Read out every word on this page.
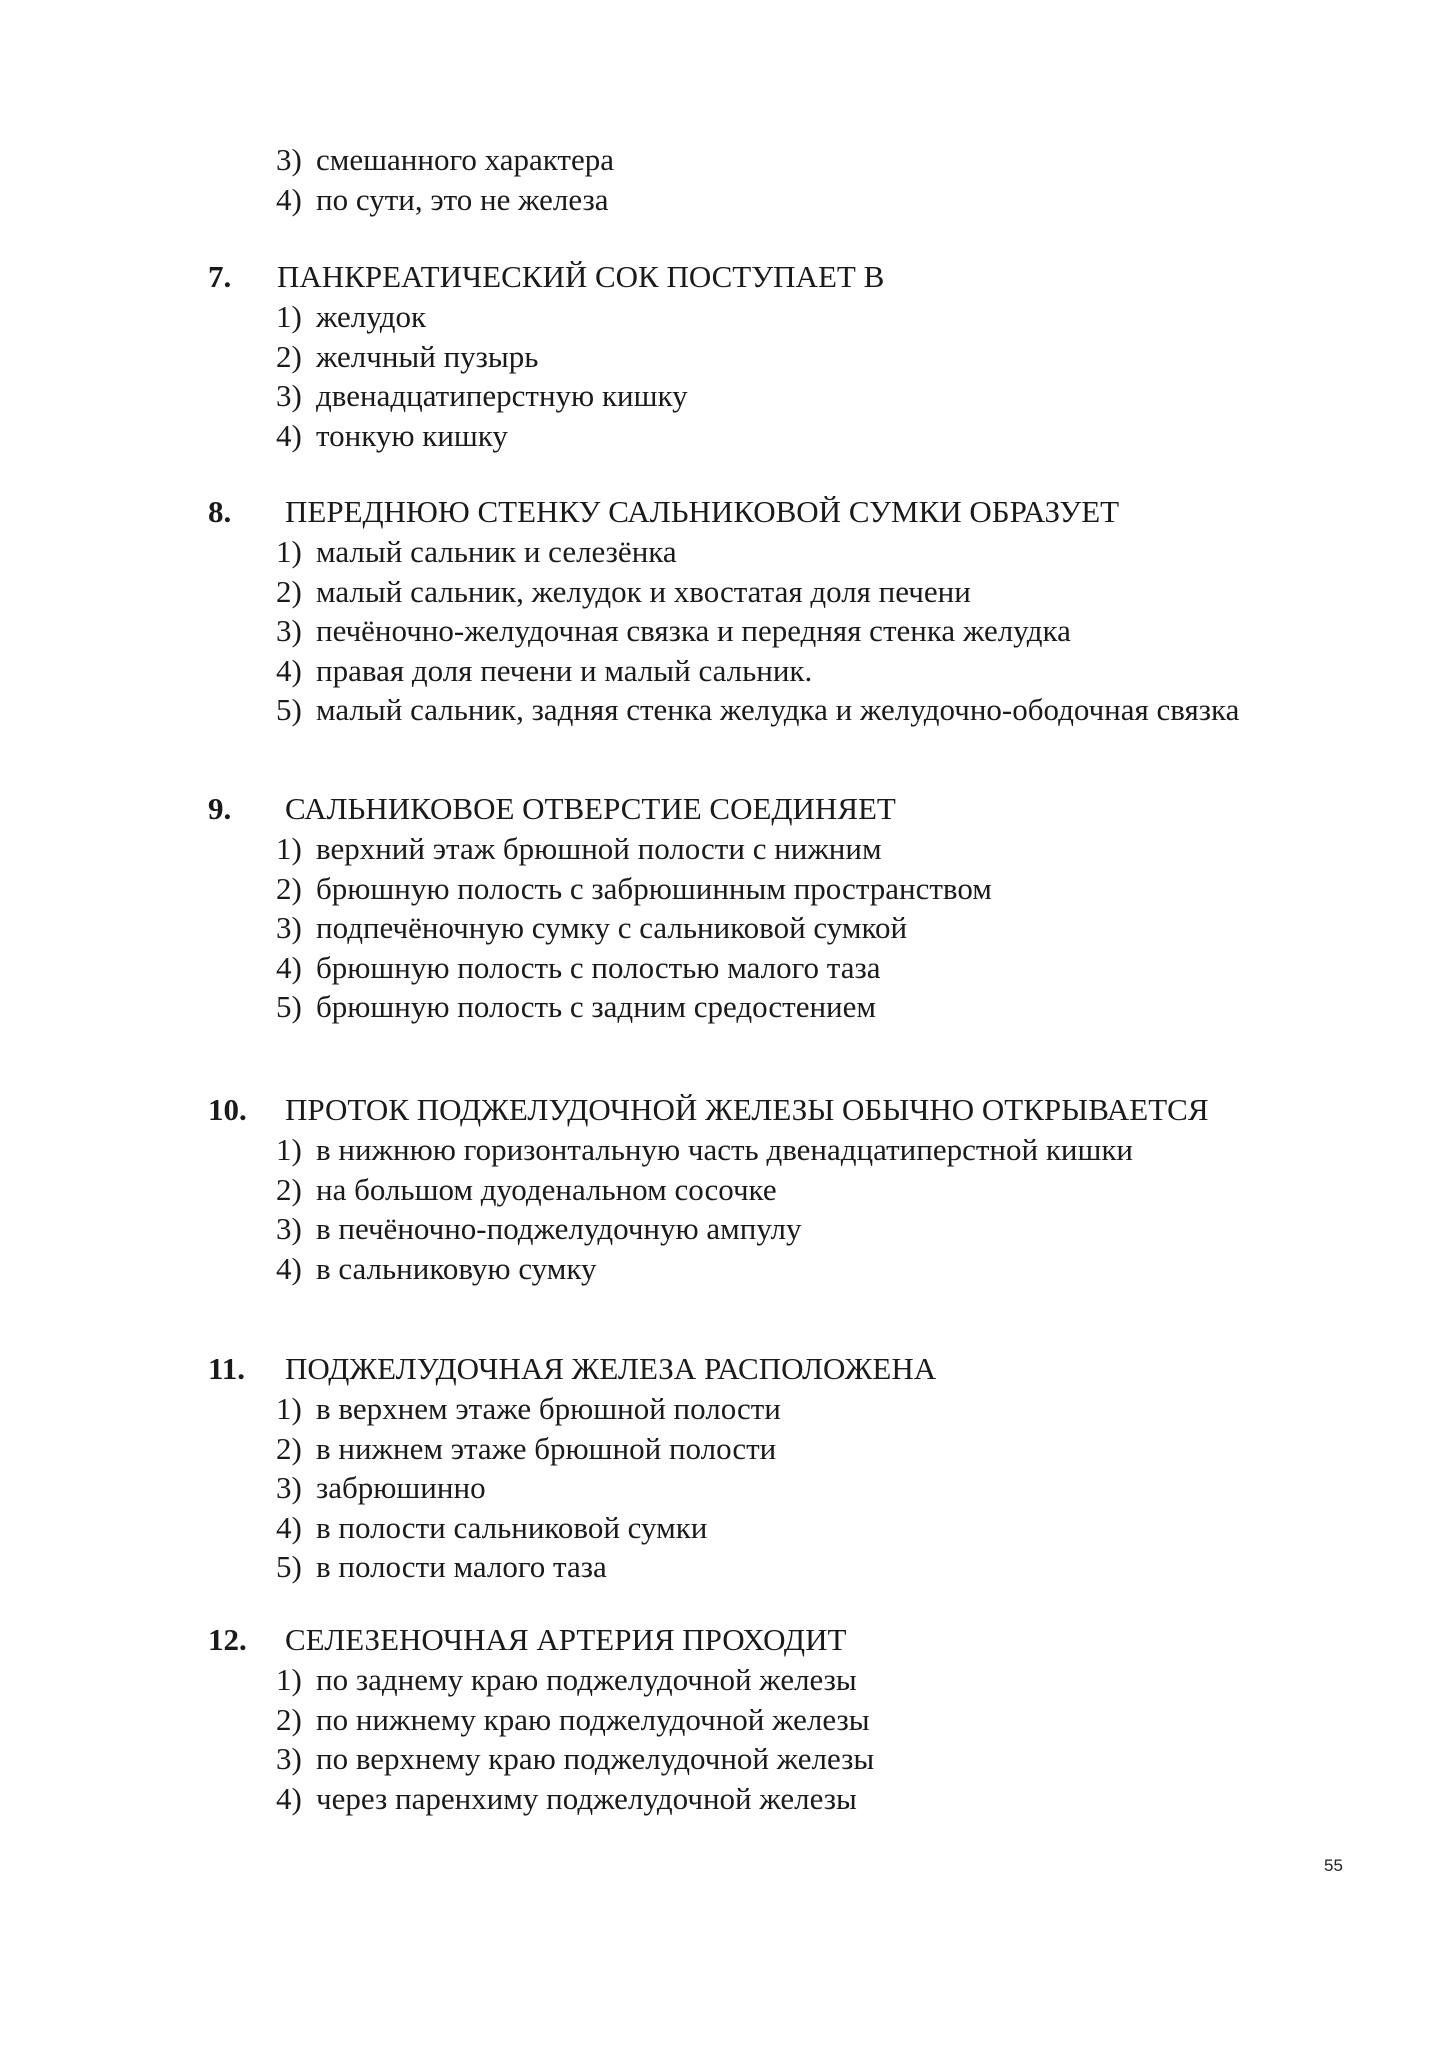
3) смешанного характера
4) по сути, это не железа
7. ПАНКРЕАТИЧЕСКИЙ СОК ПОСТУПАЕТ В
1) желудок
2) желчный пузырь
3) двенадцатиперстную кишку
4) тонкую кишку
8. ПЕРЕДНЮЮ СТЕНКУ САЛЬНИКОВОЙ СУМКИ ОБРАЗУЕТ
1) малый сальник и селезёнка
2) малый сальник, желудок и хвостатая доля печени
3) печёночно-желудочная связка и передняя стенка желудка
4) правая доля печени и малый сальник.
5) малый сальник, задняя стенка желудка и желудочно-ободочная связка
9. САЛЬНИКОВОЕ ОТВЕРСТИЕ СОЕДИНЯЕТ
1) верхний этаж брюшной полости с нижним
2) брюшную полость с забрюшинным пространством
3) подпечёночную сумку с сальниковой сумкой
4) брюшную полость с полостью малого таза
5) брюшную полость с задним средостением
10. ПРОТОК ПОДЖЕЛУДОЧНОЙ ЖЕЛЕЗЫ ОБЫЧНО ОТКРЫВАЕТСЯ
1) в нижнюю горизонтальную часть двенадцатиперстной кишки
2) на большом дуоденальном сосочке
3) в печёночно-поджелудочную ампулу
4) в сальниковую сумку
11. ПОДЖЕЛУДОЧНАЯ ЖЕЛЕЗА РАСПОЛОЖЕНА
1) в верхнем этаже брюшной полости
2) в нижнем этаже брюшной полости
3) забрюшинно
4) в полости сальниковой сумки
5) в полости малого таза
12. СЕЛЕЗЕНОЧНАЯ АРТЕРИЯ ПРОХОДИТ
1) по заднему краю поджелудочной железы
2) по нижнему краю поджелудочной железы
3) по верхнему краю поджелудочной железы
4) через паренхиму поджелудочной железы
55
